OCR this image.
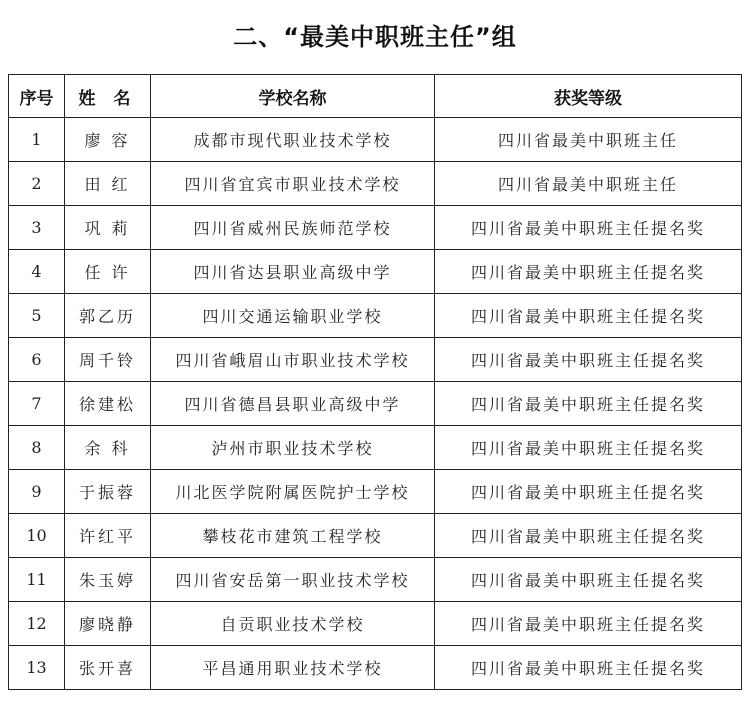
二、“最美中职班主任”组
序号	姓 名	学校名称	获奖等级
1	廖 容	成都市现代职业技术学校	四川省最美中职班主任
2	田 红	四川省宜宾市职业技术学校	四川省最美中职班主任
3	巩 莉	四川省威州民族师范学校	四川省最美中职班主任提名奖
4	任 许	四川省达县职业高级中学	四川省最美中职班主任提名奖
5	郭乙历	四川交通运输职业学校	四川省最美中职班主任提名奖
6	周千铃	四川省峨眉山市职业技术学校	四川省最美中职班主任提名奖
7	徐建松	四川省德昌县职业高级中学	四川省最美中职班主任提名奖
8	余 科	泸州市职业技术学校	四川省最美中职班主任提名奖
9	于振蓉	川北医学院附属医院护士学校	四川省最美中职班主任提名奖
10	许红平	攀枝花市建筑工程学校	四川省最美中职班主任提名奖
11	朱玉婷	四川省安岳第一职业技术学校	四川省最美中职班主任提名奖
12	廖晓静	自贡职业技术学校	四川省最美中职班主任提名奖
13	张开喜	平昌通用职业技术学校	四川省最美中职班主任提名奖
